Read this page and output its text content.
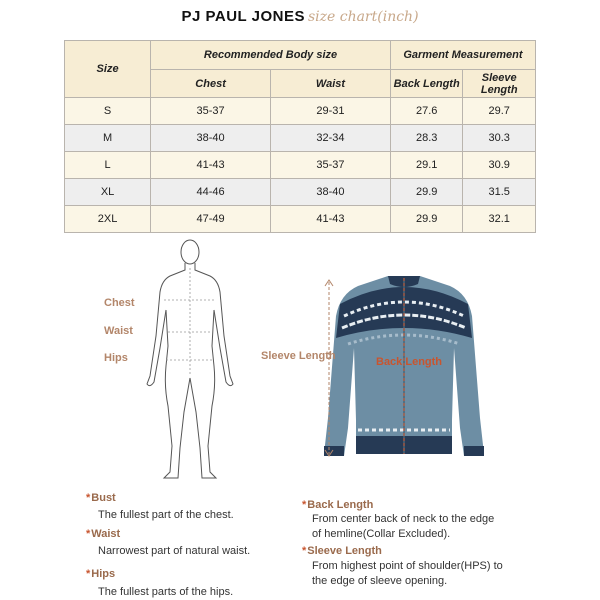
PJ PAUL JONES size chart(inch)
Size	Recommended Body size		Garment Measurement	
	Chest	Waist	Back Length	Sleeve Length
S	35-37	29-31	27.6	29.7
M	38-40	32-34	28.3	30.3
L	41-43	35-37	29.1	30.9
XL	44-46	38-40	29.9	31.5
2XL	47-49	41-43	29.9	32.1
Chest
Waist
Hips	Sleeve Length	Back Length
*Bust
The fullest part of the chest.
*Waist
Narrowest part of natural waist.
*Hips
The fullest parts of the hips.
*Back Length
From center back of neck to the edge
of hemline(Collar Excluded).
*Sleeve Length
From highest point of shoulder(HPS) to
the edge of sleeve opening.
